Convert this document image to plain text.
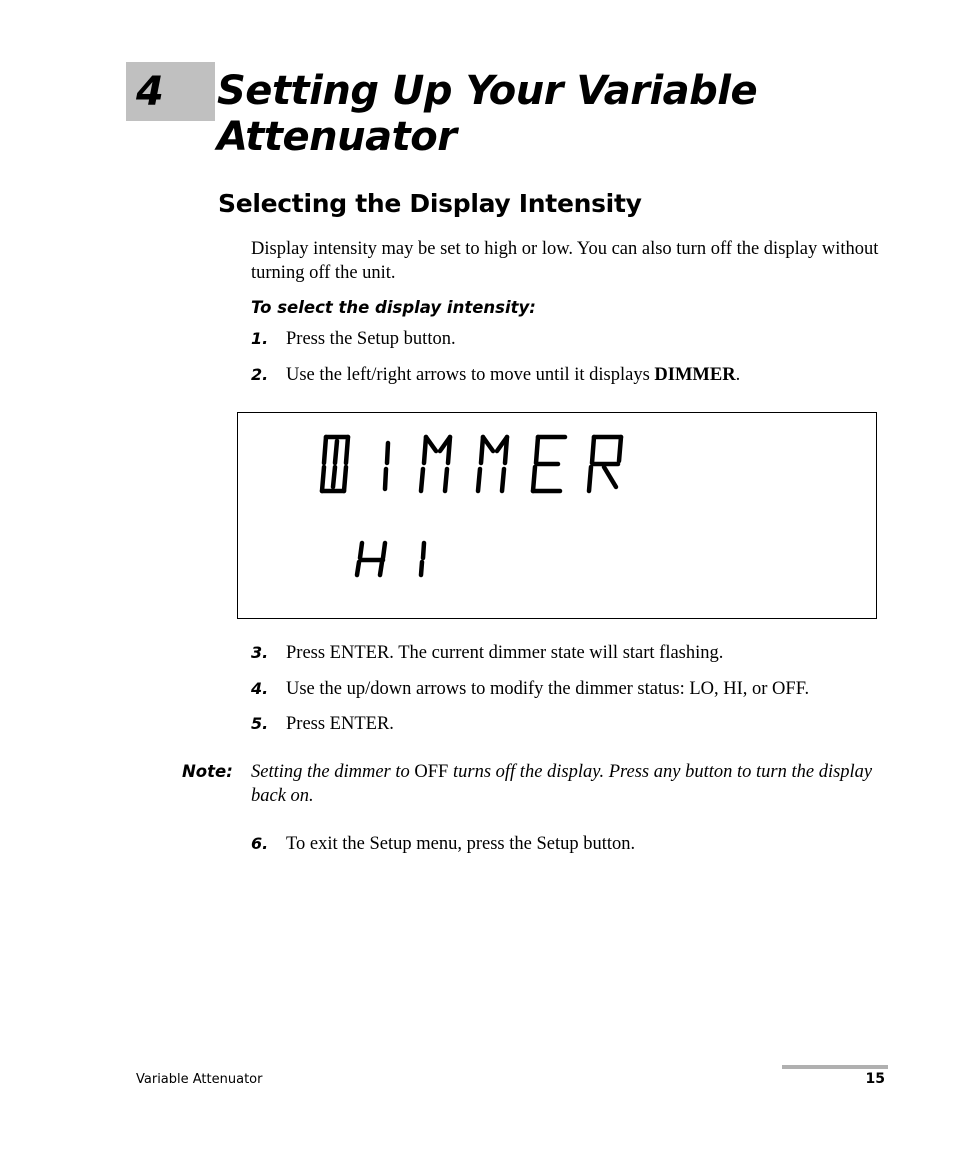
4 Setting Up Your Variable Attenuator
Selecting the Display Intensity
Display intensity may be set to high or low. You can also turn off the display without turning off the unit.
To select the display intensity:
1. Press the Setup button.
2. Use the left/right arrows to move until it displays DIMMER.
3. Press ENTER. The current dimmer state will start flashing.
4. Use the up/down arrows to modify the dimmer status: LO, HI, or OFF.
5. Press ENTER.
Note: Setting the dimmer to OFF turns off the display. Press any button to turn the display back on.
6. To exit the Setup menu, press the Setup button.
Variable Attenuator	15
